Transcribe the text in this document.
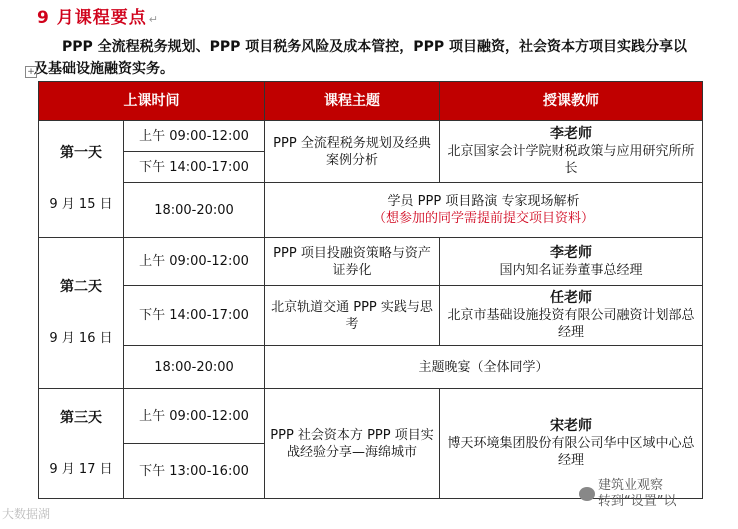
9 月课程要点 ↵

PPP 全流程税务规划、PPP 项目税务风险及成本管控，PPP 项目融资，社会资本方项目实践分享以及基础设施融资实务。

+
上课时间		课程主题	授课教师

第一天
9 月 15 日	上午 09:00-12:00	PPP 全流程税务规划及经典案例分析	李老师
北京国家会计学院财税政策与应用研究所所长
	下午 14:00-17:00		
	18:00-20:00	学员 PPP 项目路演 专家现场解析
（想参加的同学需提前提交项目资料）	

第二天
9 月 16 日	上午 09:00-12:00	PPP 项目投融资策略与资产证券化	李老师
国内知名证券董事总经理
	下午 14:00-17:00	北京轨道交通 PPP 实践与思考	任老师
北京市基础设施投资有限公司融资计划部总经理
	18:00-20:00	主题晚宴（全体同学）	

第三天
9 月 17 日	上午 09:00-12:00	PPP 社会资本方 PPP 项目实战经验分享—海绵城市	宋老师
博天环境集团股份有限公司华中区域中心总经理
	下午 13:00-16:00		
大数据湖
建筑业观察
转到“设置”以
